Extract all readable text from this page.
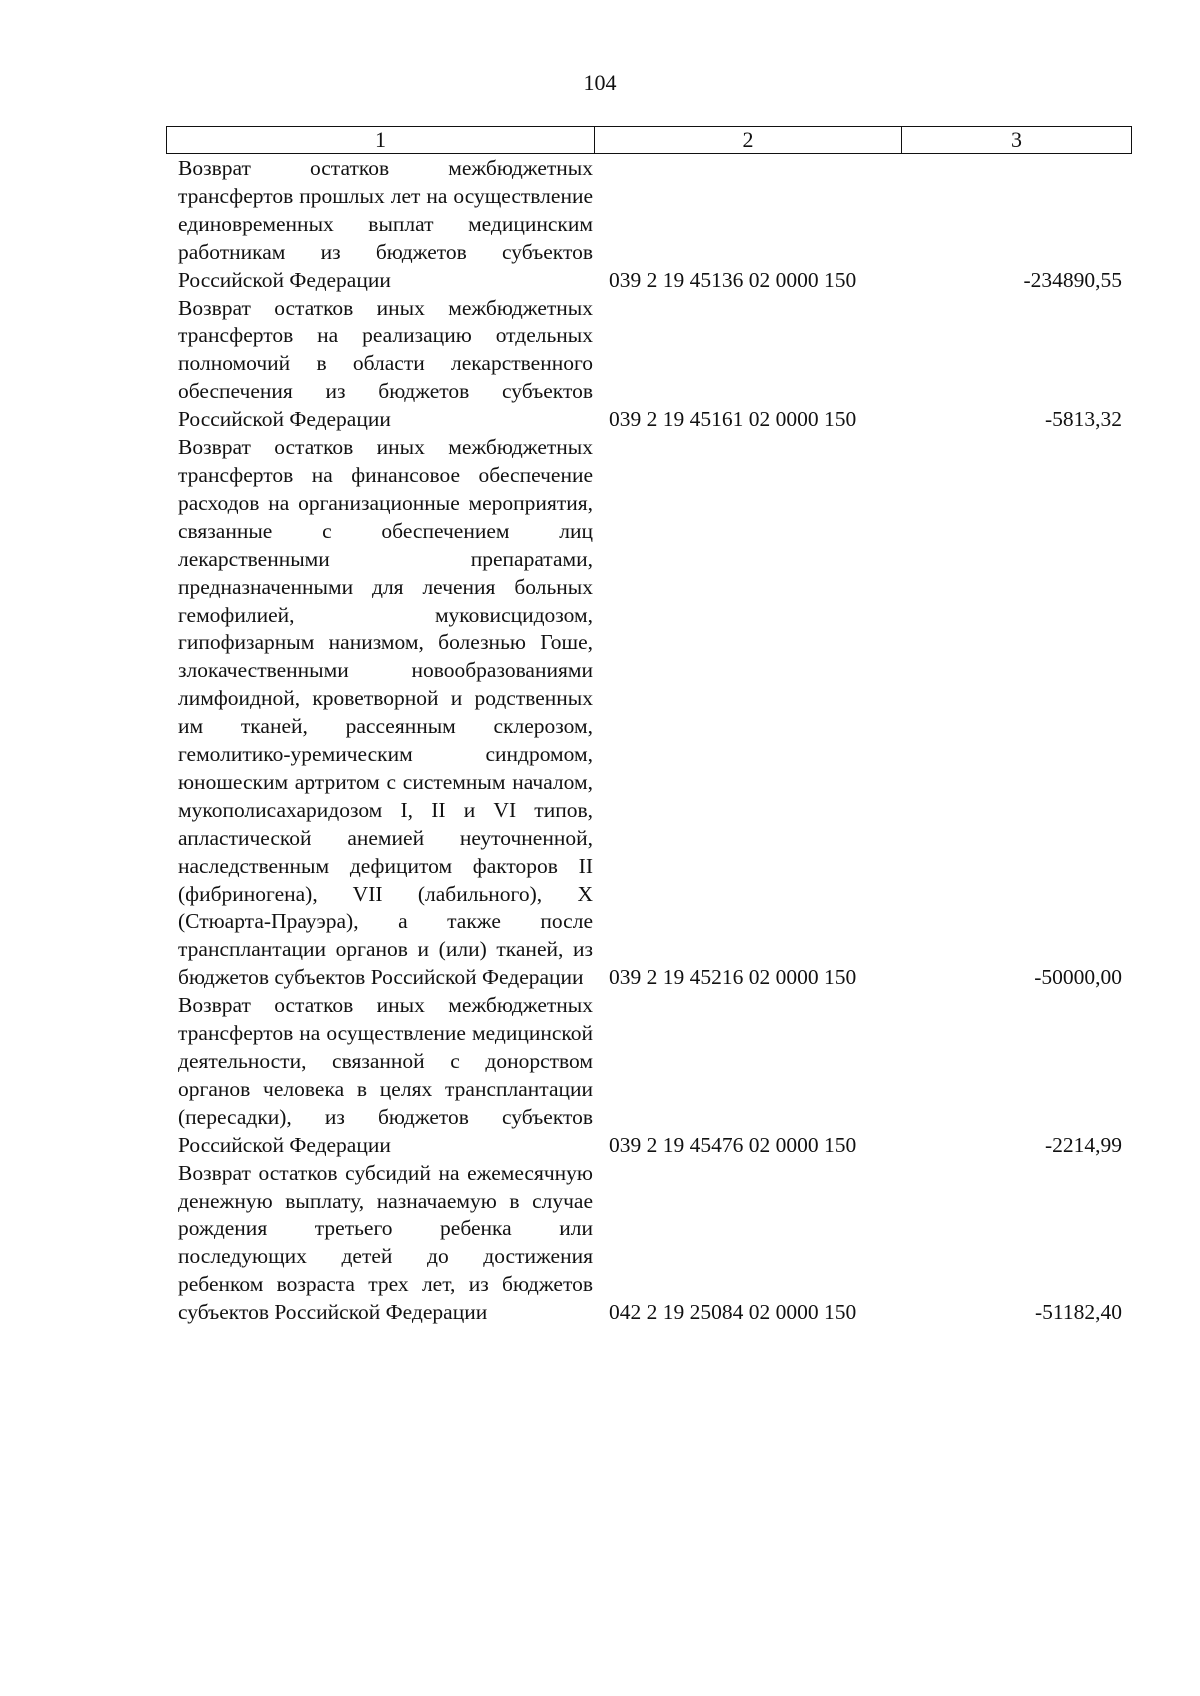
104
1	2	3
Возврат остатков межбюджетных трансфертов прошлых лет на осуществление единовременных выплат медицинским работникам из бюджетов субъектов Российской Федерации	039 2 19 45136 02 0000 150	-234890,55
Возврат остатков иных межбюджетных трансфертов на реализацию отдельных полномочий в области лекарственного обеспечения из бюджетов субъектов Российской Федерации	039 2 19 45161 02 0000 150	-5813,32
Возврат остатков иных межбюджетных трансфертов на финансовое обеспечение расходов на организационные мероприятия, связанные с обеспечением лиц лекарственными препаратами, предназначенными для лечения больных гемофилией, муковисцидозом, гипофизарным нанизмом, болезнью Гоше, злокачественными новообразованиями лимфоидной, кроветворной и родственных им тканей, рассеянным склерозом, гемолитико-уремическим синдромом, юношеским артритом с системным началом, мукополисахаридозом I, II и VI типов, апластической анемией неуточненной, наследственным дефицитом факторов II (фибриногена), VII (лабильного), X (Стюарта-Прауэра), а также после трансплантации органов и (или) тканей, из бюджетов субъектов Российской Федерации	039 2 19 45216 02 0000 150	-50000,00
Возврат остатков иных межбюджетных трансфертов на осуществление медицинской деятельности, связанной с донорством органов человека в целях трансплантации (пересадки), из бюджетов субъектов Российской Федерации	039 2 19 45476 02 0000 150	-2214,99
Возврат остатков субсидий на ежемесячную денежную выплату, назначаемую в случае рождения третьего ребенка или последующих детей до достижения ребенком возраста трех лет, из бюджетов субъектов Российской Федерации	042 2 19 25084 02 0000 150	-51182,40
